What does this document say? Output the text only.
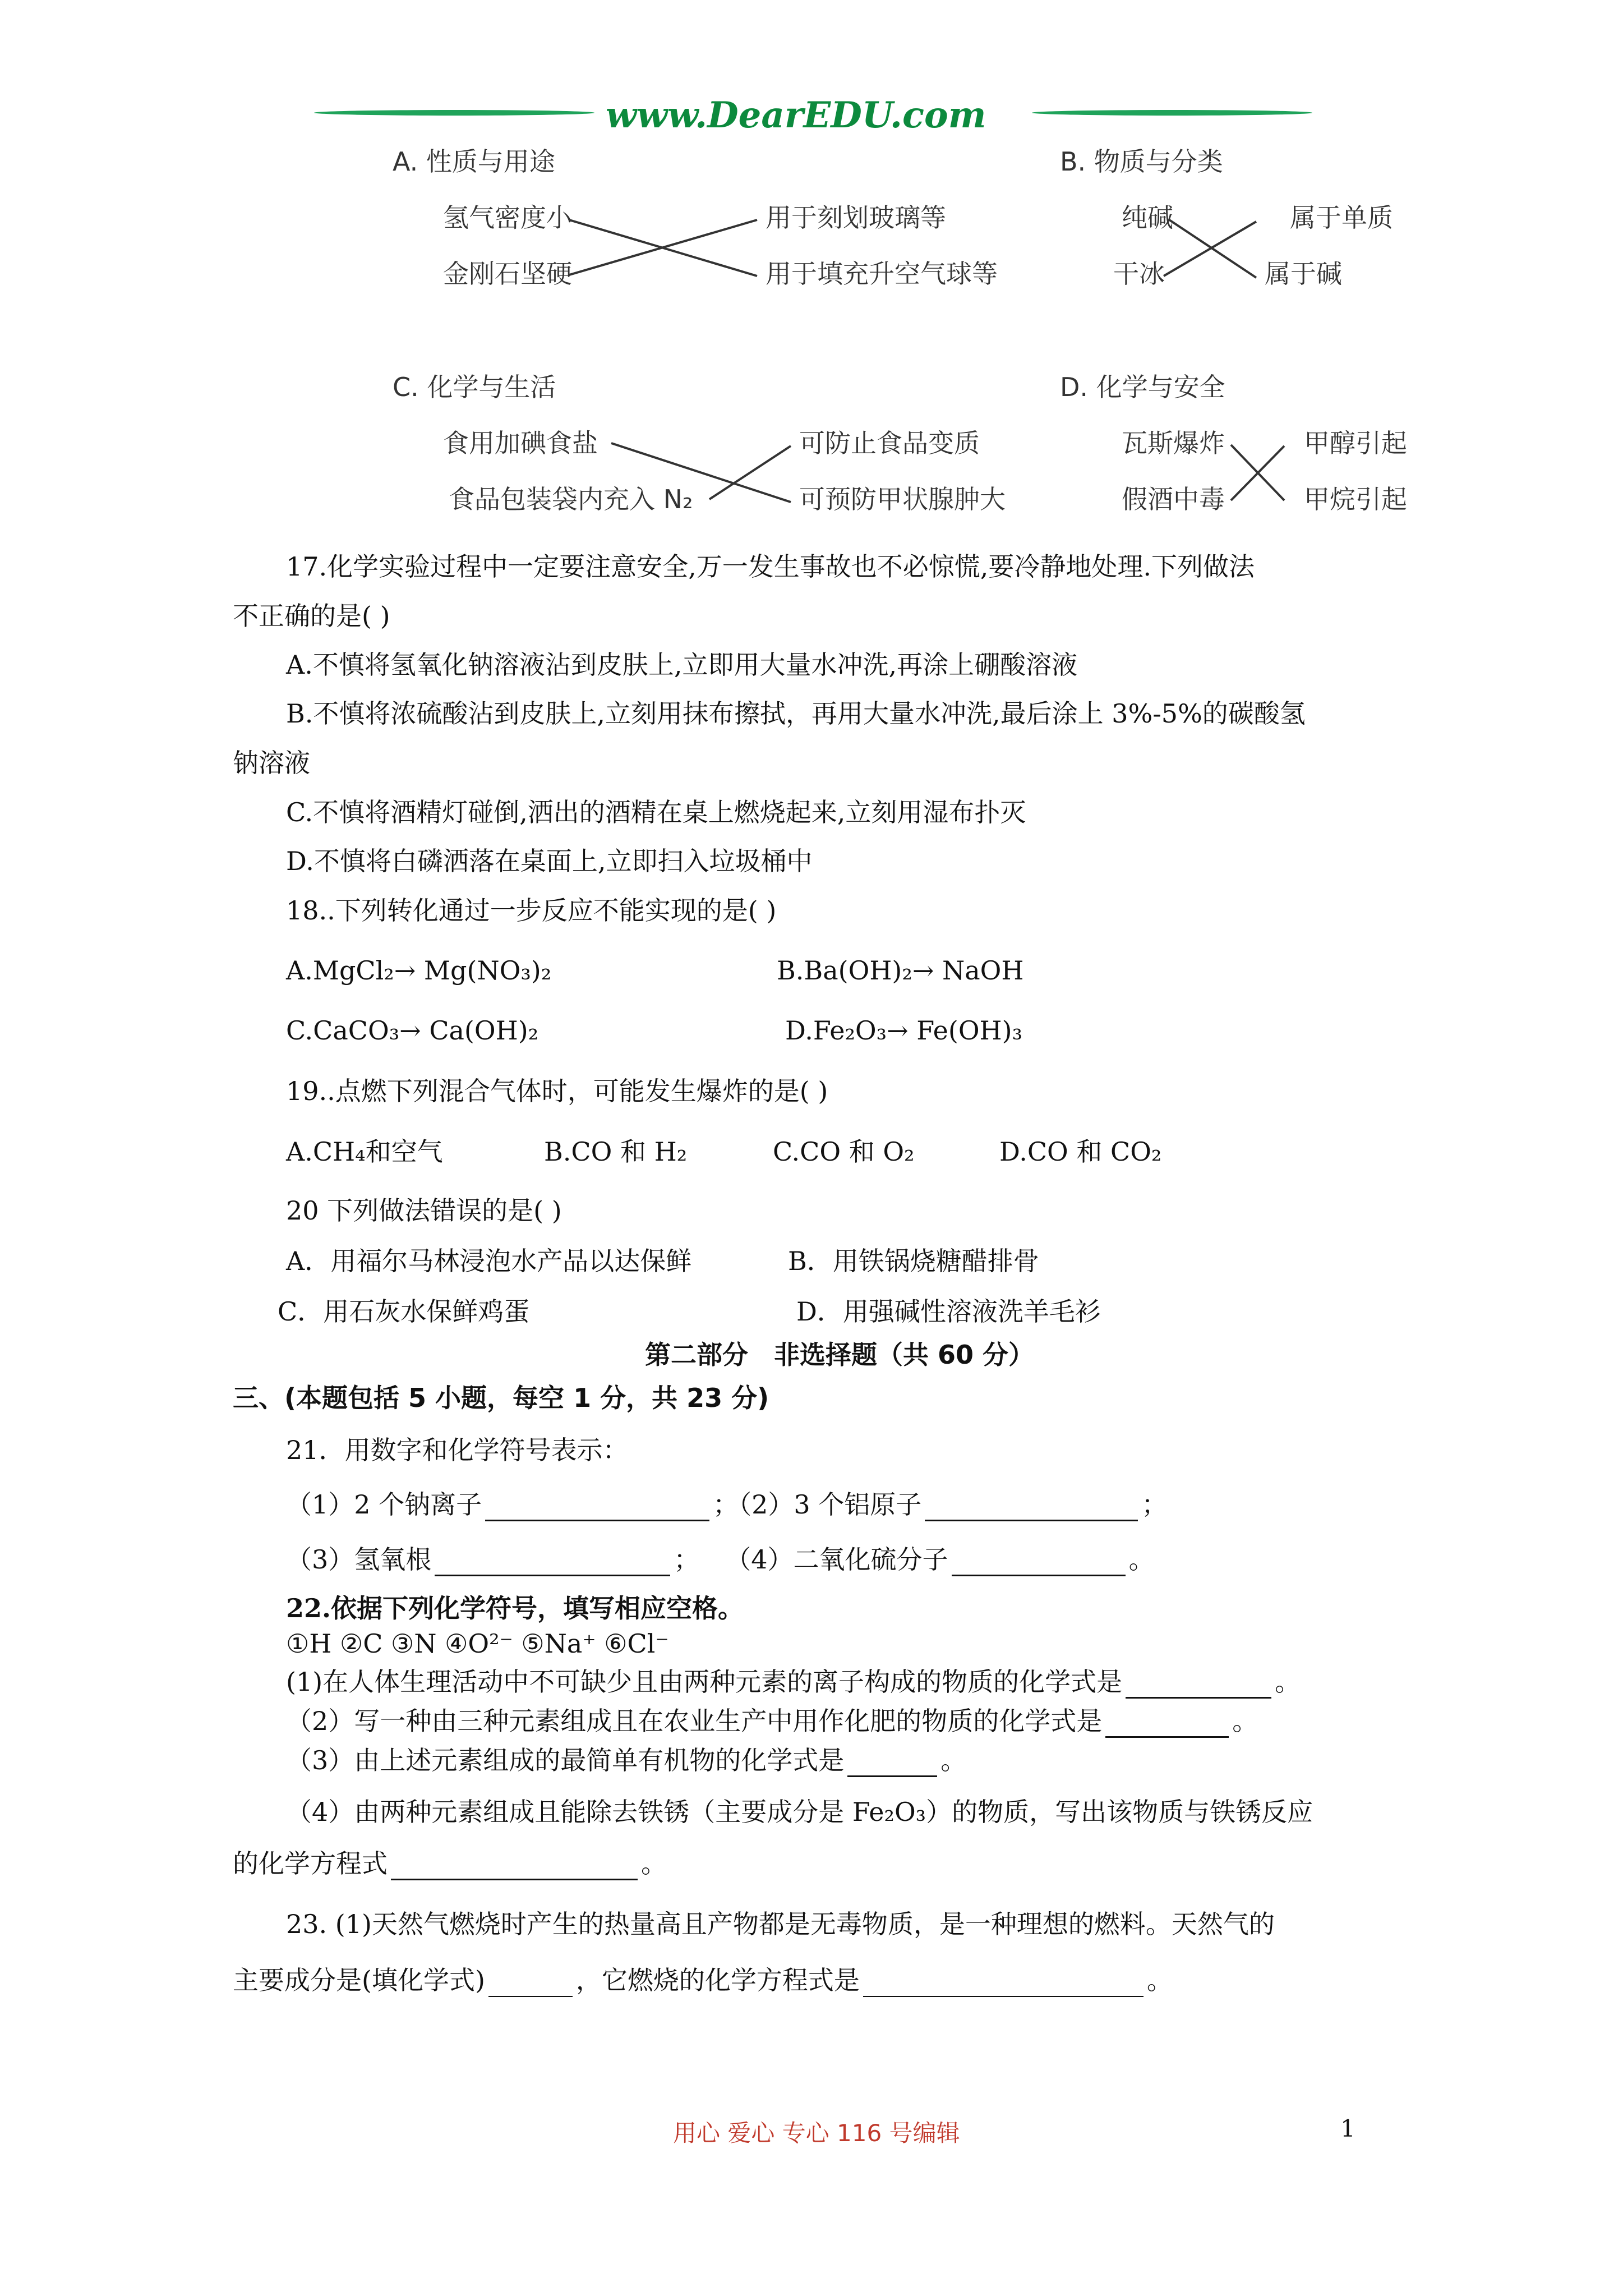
www.DearEDU.com
A. 性质与用途
氢气密度小
金刚石坚硬
用于刻划玻璃等
用于填充升空气球等
B. 物质与分类
纯碱
干冰
属于单质
属于碱
C. 化学与生活
食用加碘食盐
食品包装袋内充入 N₂
可防止食品变质
可预防甲状腺肿大
D. 化学与安全
瓦斯爆炸
假酒中毒
甲醇引起
甲烷引起
17.化学实验过程中一定要注意安全,万一发生事故也不必惊慌,要冷静地处理.下列做法
不正确的是( )
A.不慎将氢氧化钠溶液沾到皮肤上,立即用大量水冲洗,再涂上硼酸溶液
B.不慎将浓硫酸沾到皮肤上,立刻用抹布擦拭，再用大量水冲洗,最后涂上 3%-5%的碳酸氢
钠溶液
C.不慎将酒精灯碰倒,洒出的酒精在桌上燃烧起来,立刻用湿布扑灭
D.不慎将白磷洒落在桌面上,立即扫入垃圾桶中
18..下列转化通过一步反应不能实现的是( )
A.MgCl₂→ Mg(NO₃)₂	B.Ba(OH)₂→ NaOH
C.CaCO₃→ Ca(OH)₂	D.Fe₂O₃→ Fe(OH)₃
19..点燃下列混合气体时，可能发生爆炸的是( )
A.CH₄和空气	B.CO 和 H₂	C.CO 和 O₂	D.CO 和 CO₂
20 下列做法错误的是( )
A．用福尔马林浸泡水产品以达保鲜	B．用铁锅烧糖醋排骨
C．用石灰水保鲜鸡蛋	D．用强碱性溶液洗羊毛衫
第二部分　非选择题（共 60 分）
三、(本题包括 5 小题，每空 1 分，共 23 分)
21．用数字和化学符号表示：
（1）2 个钠离子	；（2）3 个铝原子	；
（3）氢氧根	；　　（4）二氧化硫分子	。
22.依据下列化学符号，填写相应空格。
①H ②C ③N ④O²⁻ ⑤Na⁺ ⑥Cl⁻
(1)在人体生理活动中不可缺少且由两种元素的离子构成的物质的化学式是	。
（2）写一种由三种元素组成且在农业生产中用作化肥的物质的化学式是	。
（3）由上述元素组成的最简单有机物的化学式是	。
（4）由两种元素组成且能除去铁锈（主要成分是 Fe₂O₃）的物质，写出该物质与铁锈反应
的化学方程式	。
23. (1)天然气燃烧时产生的热量高且产物都是无毒物质，是一种理想的燃料。天然气的
主要成分是(填化学式)	，它燃烧的化学方程式是	。
用心 爱心 专心 116 号编辑	1
